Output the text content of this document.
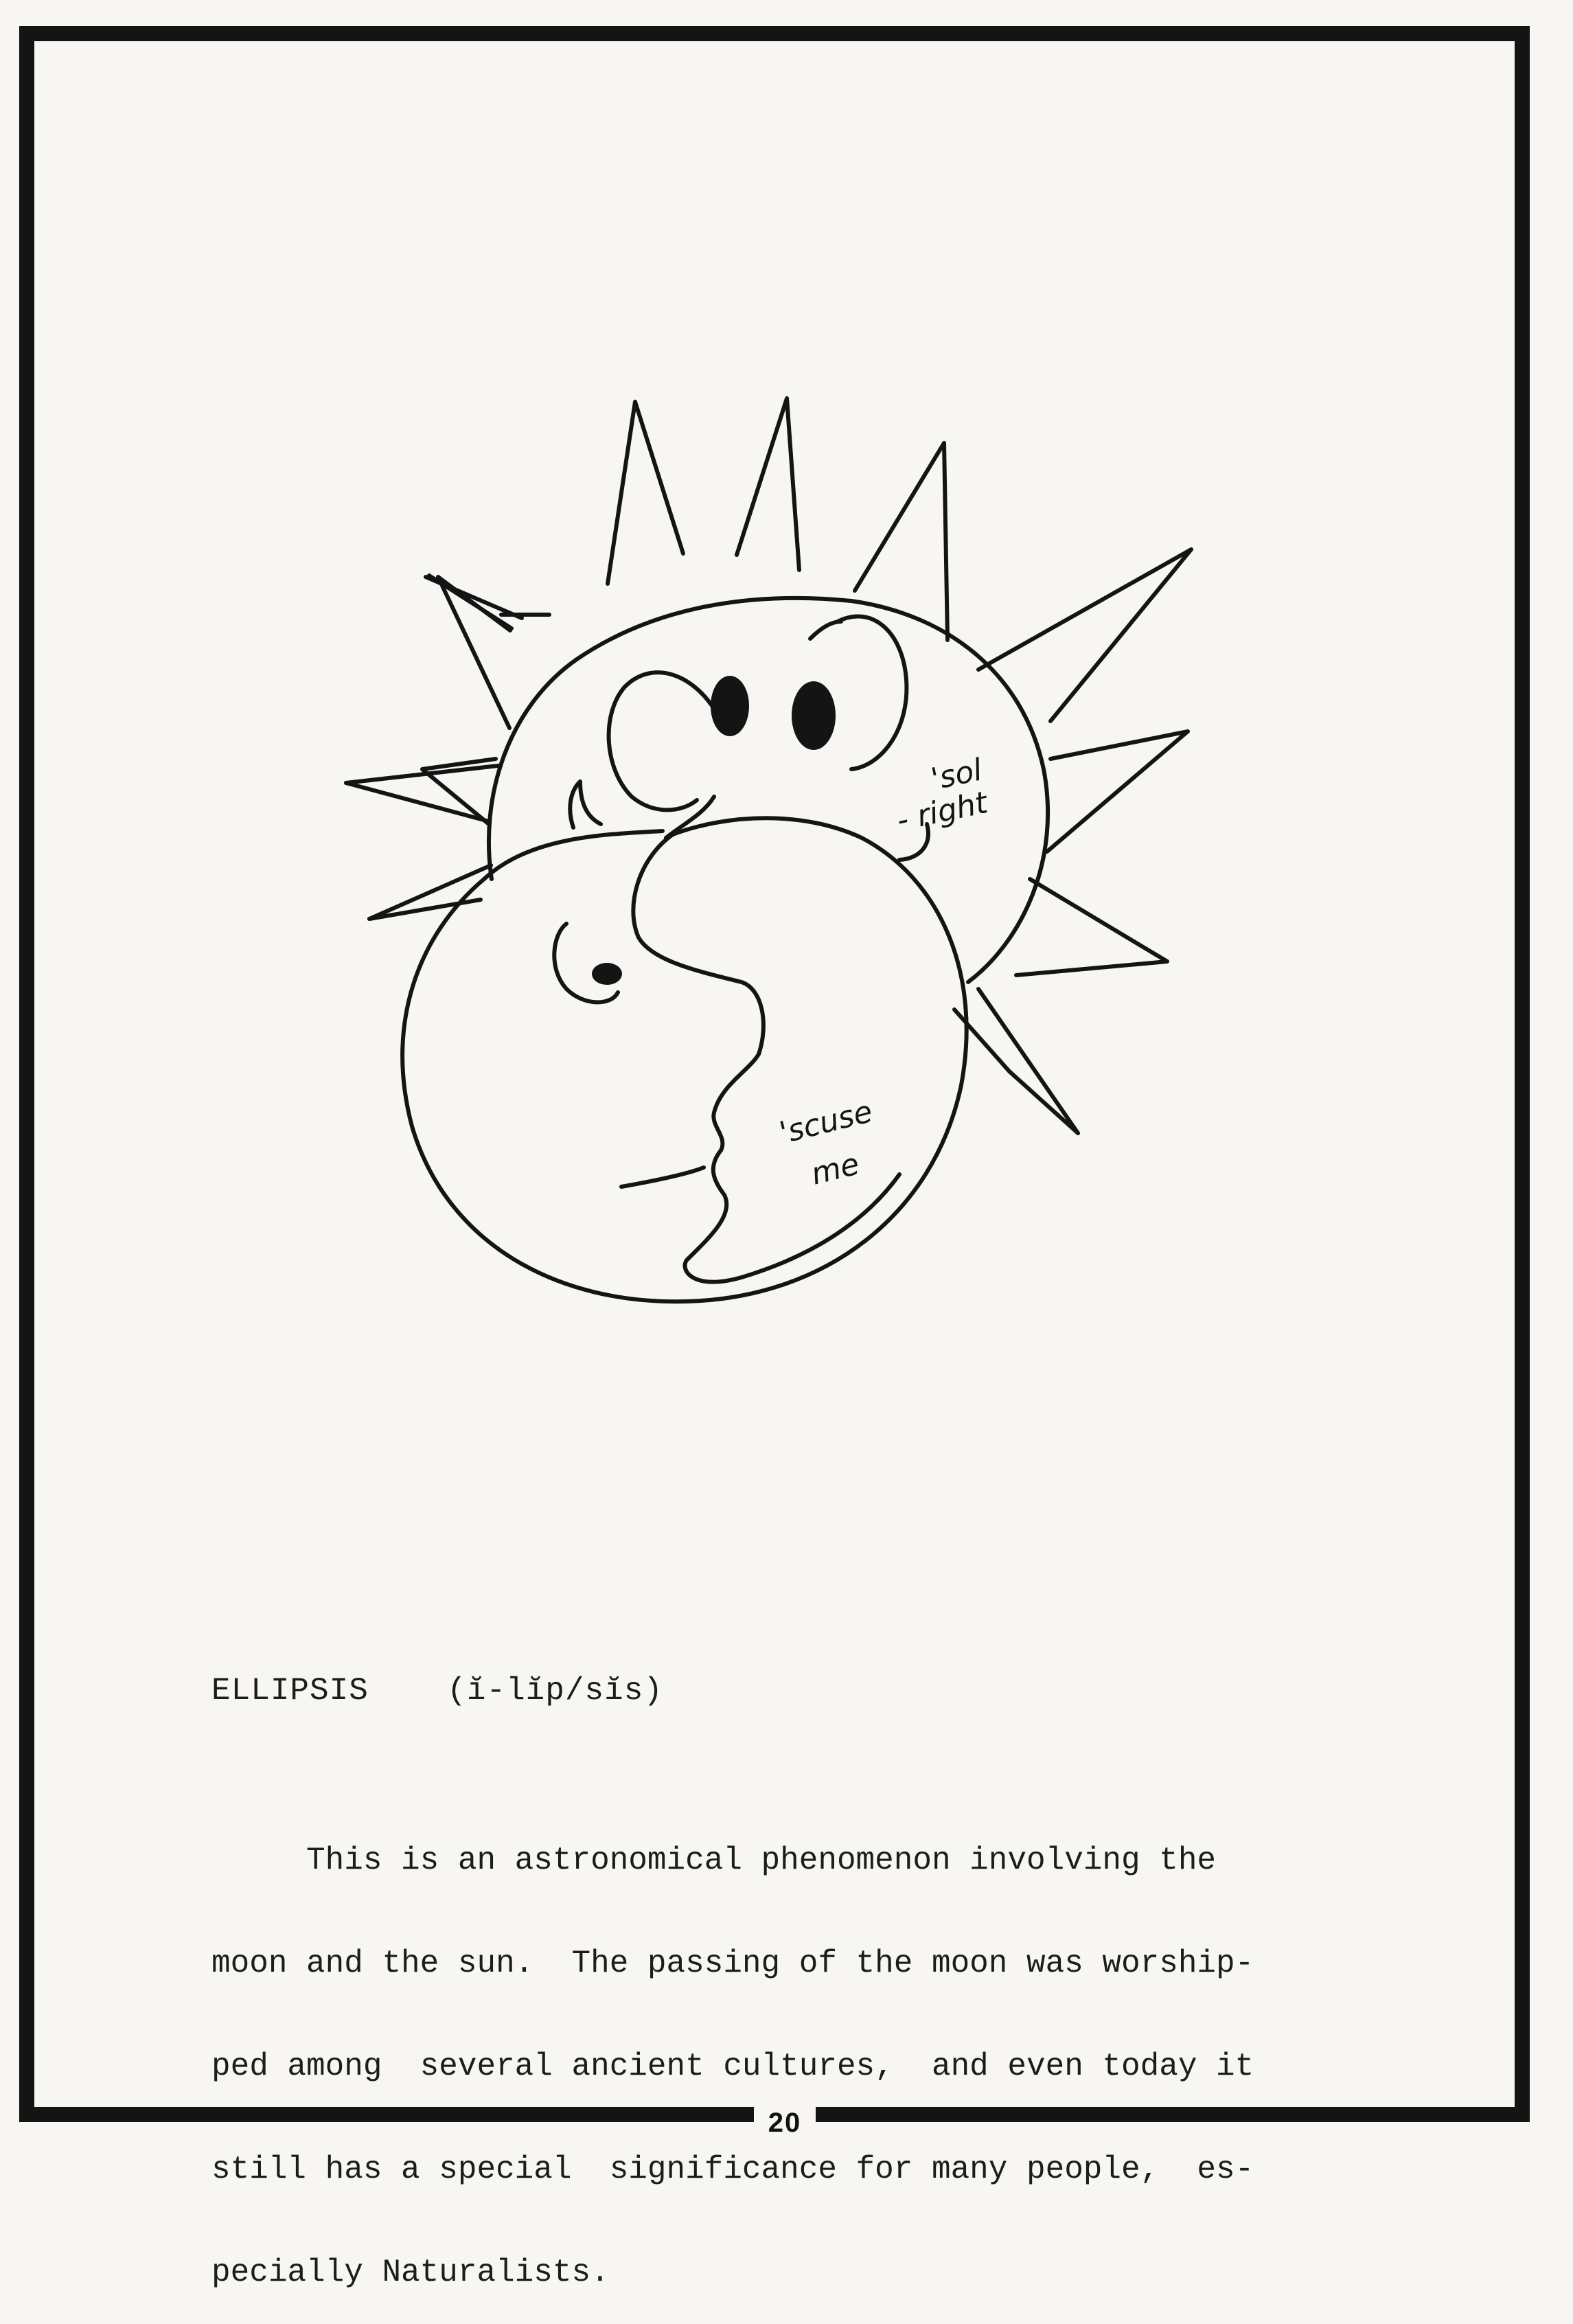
'sol
- right
'scuse
me
ELLIPSIS (ĭ-lĭp/sĭs)

This is an astronomical phenomenon involving the

moon and the sun.  The passing of the moon was worship-

ped among  several ancient cultures,  and even today it

still has a special  significance for many people,  es-

pecially Naturalists.

20
